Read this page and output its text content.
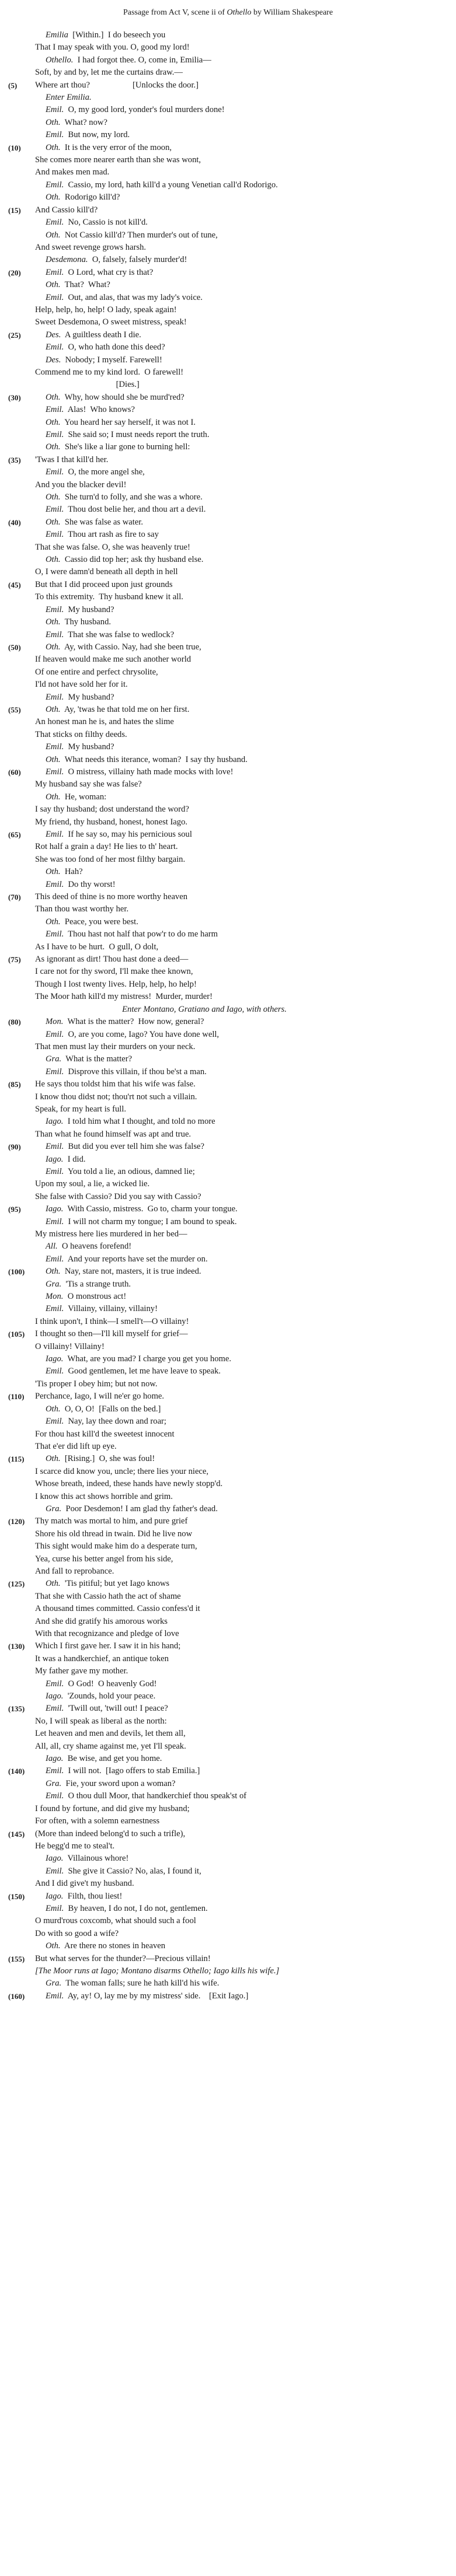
Passage from Act V, scene ii of Othello by William Shakespeare
Emilia  [Within.]  I do beseech you
That I may speak with you. O, good my lord!
Othello.  I had forgot thee. O, come in, Emilia—
Soft, by and by, let me the curtains draw.—
(5) Where art thou?                    [Unlocks the door.]
Enter Emilia.
Emil.  O, my good lord, yonder's foul murders done!
Oth.  What? now?
Emil.  But now, my lord.
(10)	Oth.  It is the very error of the moon,
She comes more nearer earth than she was wont,
And makes men mad.
Emil.  Cassio, my lord, hath kill'd a young Venetian call'd Rodorigo.
Oth.  Rodorigo kill'd?
(15) And Cassio kill'd?
Emil.  No, Cassio is not kill'd.
Oth.  Not Cassio kill'd? Then murder's out of tune,
And sweet revenge grows harsh.
Desdemona.  O, falsely, falsely murder'd!
(20)	Emil.  O Lord, what cry is that?
Oth.  That?  What?
Emil.  Out, and alas, that was my lady's voice.
Help, help, ho, help! O lady, speak again!
Sweet Desdemona, O sweet mistress, speak!
(25)	Des.  A guiltless death I die.
Emil.  O, who hath done this deed?
Des.  Nobody; I myself. Farewell!
Commend me to my kind lord.  O farewell!
[Dies.]
(30)	Oth.  Why, how should she be murd'red?
Emil.  Alas!  Who knows?
Oth.  You heard her say herself, it was not I.
Emil.  She said so; I must needs report the truth.
Oth.  She's like a liar gone to burning hell:
(35) 'Twas I that kill'd her.
Emil.  O, the more angel she,
And you the blacker devil!
Oth.  She turn'd to folly, and she was a whore.
Emil.  Thou dost belie her, and thou art a devil.
(40)	Oth.  She was false as water.
Emil.  Thou art rash as fire to say
That she was false. O, she was heavenly true!
Oth.  Cassio did top her; ask thy husband else.
O, I were damn'd beneath all depth in hell
(45) But that I did proceed upon just grounds
To this extremity.  Thy husband knew it all.
Emil.  My husband?
Oth.  Thy husband.
Emil.  That she was false to wedlock?
(50)	Oth.  Ay, with Cassio. Nay, had she been true,
If heaven would make me such another world
Of one entire and perfect chrysolite,
I'ld not have sold her for it.
Emil.  My husband?
(55)	Oth.  Ay, 'twas he that told me on her first.
An honest man he is, and hates the slime
That sticks on filthy deeds.
Emil.  My husband?
Oth.  What needs this iterance, woman?  I say thy husband.
(60)	Emil.  O mistress, villainy hath made mocks with love!
My husband say she was false?
Oth.  He, woman:
I say thy husband; dost understand the word?
My friend, thy husband, honest, honest Iago.
(65)	Emil.  If he say so, may his pernicious soul
Rot half a grain a day! He lies to th' heart.
She was too fond of her most filthy bargain.
Oth.  Hah?
Emil.  Do thy worst!
(70) This deed of thine is no more worthy heaven
Than thou wast worthy her.
Oth.  Peace, you were best.
Emil.  Thou hast not half that pow'r to do me harm
As I have to be hurt.  O gull, O dolt,
(75) As ignorant as dirt! Thou hast done a deed—
I care not for thy sword, I'll make thee known,
Though I lost twenty lives. Help, help, ho help!
The Moor hath kill'd my mistress!  Murder, murder!
Enter Montano, Gratiano and Iago, with others.
(80)	Mon.  What is the matter?  How now, general?
Emil.  O, are you come, Iago? You have done well,
That men must lay their murders on your neck.
Gra.  What is the matter?
Emil.  Disprove this villain, if thou be'st a man.
(85) He says thou toldst him that his wife was false.
I know thou didst not; thou'rt not such a villain.
Speak, for my heart is full.
Iago.  I told him what I thought, and told no more
Than what he found himself was apt and true.
(90)	Emil.  But did you ever tell him she was false?
Iago.  I did.
Emil.  You told a lie, an odious, damned lie;
Upon my soul, a lie, a wicked lie.
She false with Cassio? Did you say with Cassio?
(95)	Iago.  With Cassio, mistress.  Go to, charm your tongue.
Emil.  I will not charm my tongue; I am bound to speak.
My mistress here lies murdered in her bed—
All.  O heavens forefend!
Emil.  And your reports have set the murder on.
(100) Oth.  Nay, stare not, masters, it is true indeed.
Gra.  'Tis a strange truth.
Mon.  O monstrous act!
Emil.  Villainy, villainy, villainy!
I think upon't, I think—I smell't—O villainy!
(105) I thought so then—I'll kill myself for grief—
O villainy! Villainy!
Iago.  What, are you mad? I charge you get you home.
Emil.  Good gentlemen, let me have leave to speak.
'Tis proper I obey him; but not now.
(110) Perchance, Iago, I will ne'er go home.
Oth.  O, O, O!  [Falls on the bed.]
Emil.  Nay, lay thee down and roar;
For thou hast kill'd the sweetest innocent
That e'er did lift up eye.
(115)	Oth.  [Rising.]  O, she was foul!
I scarce did know you, uncle; there lies your niece,
Whose breath, indeed, these hands have newly stopp'd.
I know this act shows horrible and grim.
Gra.  Poor Desdemon! I am glad thy father's dead.
(120) Thy match was mortal to him, and pure grief
Shore his old thread in twain. Did he live now
This sight would make him do a desperate turn,
Yea, curse his better angel from his side,
And fall to reprobance.
(125) Oth.  'Tis pitiful; but yet Iago knows
That she with Cassio hath the act of shame
A thousand times committed. Cassio confess'd it
And she did gratify his amorous works
With that recognizance and pledge of love
(130) Which I first gave her. I saw it in his hand;
It was a handkerchief, an antique token
My father gave my mother.
Emil.  O God!  O heavenly God!
Iago.  'Zounds, hold your peace.
(135) Emil.  'Twill out, 'twill out! I peace?
No, I will speak as liberal as the north:
Let heaven and men and devils, let them all,
All, all, cry shame against me, yet I'll speak.
Iago.  Be wise, and get you home.
(140) Emil.  I will not.  [Iago offers to stab Emilia.]
Gra.  Fie, your sword upon a woman?
Emil.  O thou dull Moor, that handkerchief thou speak'st of
I found by fortune, and did give my husband;
For often, with a solemn earnestness
(145) (More than indeed belong'd to such a trifle),
He begg'd me to steal't.
Iago.  Villainous whore!
Emil.  She give it Cassio? No, alas, I found it,
And I did give't my husband.
(150) Iago.  Filth, thou liest!
Emil.  By heaven, I do not, I do not, gentlemen.
O murd'rous coxcomb, what should such a fool
Do with so good a wife?
Oth.  Are there no stones in heaven
(155) But what serves for the thunder?—Precious villain!
[The Moor runs at Iago; Montano disarms Othello; Iago kills his wife.]
Gra.  The woman falls; sure he hath kill'd his wife.
(160) Emil.  Ay, ay! O, lay me by my mistress' side.    [Exit Iago.]
